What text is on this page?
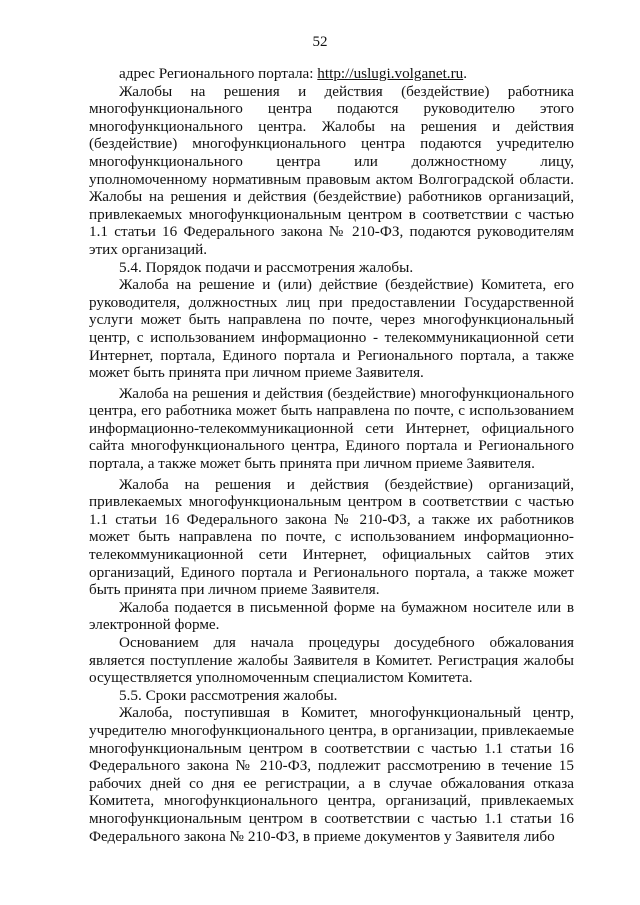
52

адрес Регионального портала: http://uslugi.volganet.ru.

Жалобы на решения и действия (бездействие) работника многофункционального центра подаются руководителю этого многофункционального центра. Жалобы на решения и действия (бездействие) многофункционального центра подаются учредителю многофункционального центра или должностному лицу, уполномоченному нормативным правовым актом Волгоградской области. Жалобы на решения и действия (бездействие) работников организаций, привлекаемых многофункциональным центром в соответствии с частью 1.1 статьи 16 Федерального закона № 210-ФЗ, подаются руководителям этих организаций.

5.4. Порядок подачи и рассмотрения жалобы.

Жалоба на решение и (или) действие (бездействие) Комитета, его руководителя, должностных лиц при предоставлении Государственной услуги может быть направлена по почте, через многофункциональный центр, с использованием информационно - телекоммуникационной сети Интернет, портала, Единого портала и Регионального портала, а также может быть принята при личном приеме Заявителя.

Жалоба на решения и действия (бездействие) многофункционального центра, его работника может быть направлена по почте, с использованием информационно-телекоммуникационной сети Интернет, официального сайта многофункционального центра, Единого портала и Регионального портала, а также может быть принята при личном приеме Заявителя.

Жалоба на решения и действия (бездействие) организаций, привлекаемых многофункциональным центром в соответствии с частью 1.1 статьи 16 Федерального закона № 210-ФЗ, а также их работников может быть направлена по почте, с использованием информационно-телекоммуникационной сети Интернет, официальных сайтов этих организаций, Единого портала и Регионального портала, а также может быть принята при личном приеме Заявителя.

Жалоба подается в письменной форме на бумажном носителе или в электронной форме.

Основанием для начала процедуры досудебного обжалования является поступление жалобы Заявителя в Комитет. Регистрация жалобы осуществляется уполномоченным специалистом Комитета.

5.5. Сроки рассмотрения жалобы.

Жалоба, поступившая в Комитет, многофункциональный центр, учредителю многофункционального центра, в организации, привлекаемые многофункциональным центром в соответствии с частью 1.1 статьи 16 Федерального закона № 210-ФЗ, подлежит рассмотрению в течение 15 рабочих дней со дня ее регистрации, а в случае обжалования отказа Комитета, многофункционального центра, организаций, привлекаемых многофункциональным центром в соответствии с частью 1.1 статьи 16 Федерального закона № 210-ФЗ, в приеме документов у Заявителя либо
